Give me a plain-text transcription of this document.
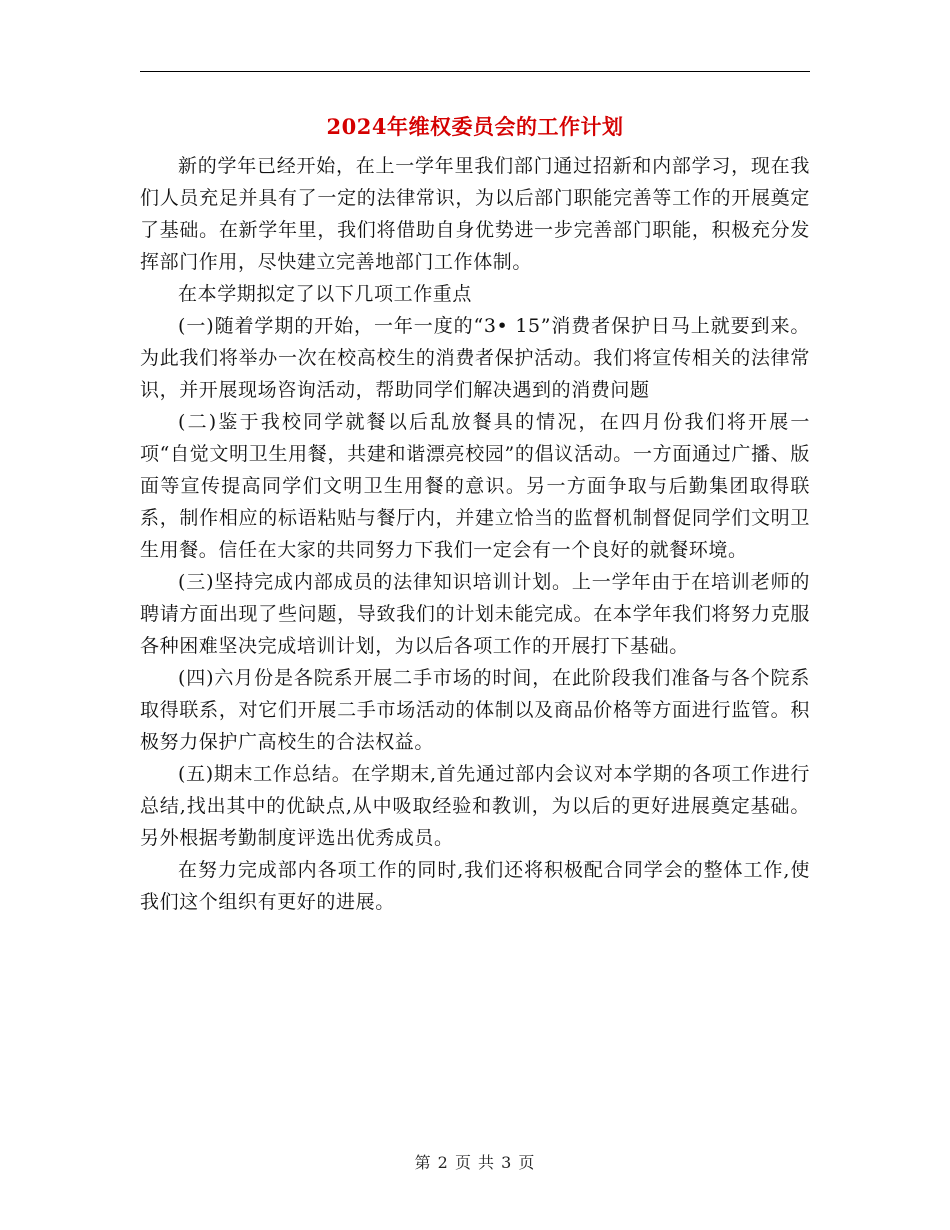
2024年维权委员会的工作计划

新的学年已经开始，在上一学年里我们部门通过招新和内部学习，现在我们人员充足并具有了一定的法律常识，为以后部门职能完善等工作的开展奠定了基础。在新学年里，我们将借助自身优势进一步完善部门职能，积极充分发挥部门作用，尽快建立完善地部门工作体制。

在本学期拟定了以下几项工作重点

(一)随着学期的开始，一年一度的“3• 15”消费者保护日马上就要到来。为此我们将举办一次在校高校生的消费者保护活动。我们将宣传相关的法律常识，并开展现场咨询活动，帮助同学们解决遇到的消费问题

(二)鉴于我校同学就餐以后乱放餐具的情况，在四月份我们将开展一项“自觉文明卫生用餐，共建和谐漂亮校园”的倡议活动。一方面通过广播、版面等宣传提高同学们文明卫生用餐的意识。另一方面争取与后勤集团取得联系，制作相应的标语粘贴与餐厅内，并建立恰当的监督机制督促同学们文明卫生用餐。信任在大家的共同努力下我们一定会有一个良好的就餐环境。

(三)坚持完成内部成员的法律知识培训计划。上一学年由于在培训老师的聘请方面出现了些问题，导致我们的计划未能完成。在本学年我们将努力克服各种困难坚决完成培训计划，为以后各项工作的开展打下基础。

(四)六月份是各院系开展二手市场的时间，在此阶段我们准备与各个院系取得联系，对它们开展二手市场活动的体制以及商品价格等方面进行监管。积极努力保护广高校生的合法权益。

(五)期末工作总结。在学期末,首先通过部内会议对本学期的各项工作进行总结,找出其中的优缺点,从中吸取经验和教训，为以后的更好进展奠定基础。另外根据考勤制度评选出优秀成员。

在努力完成部内各项工作的同时,我们还将积极配合同学会的整体工作,使我们这个组织有更好的进展。

第 2 页 共 3 页
